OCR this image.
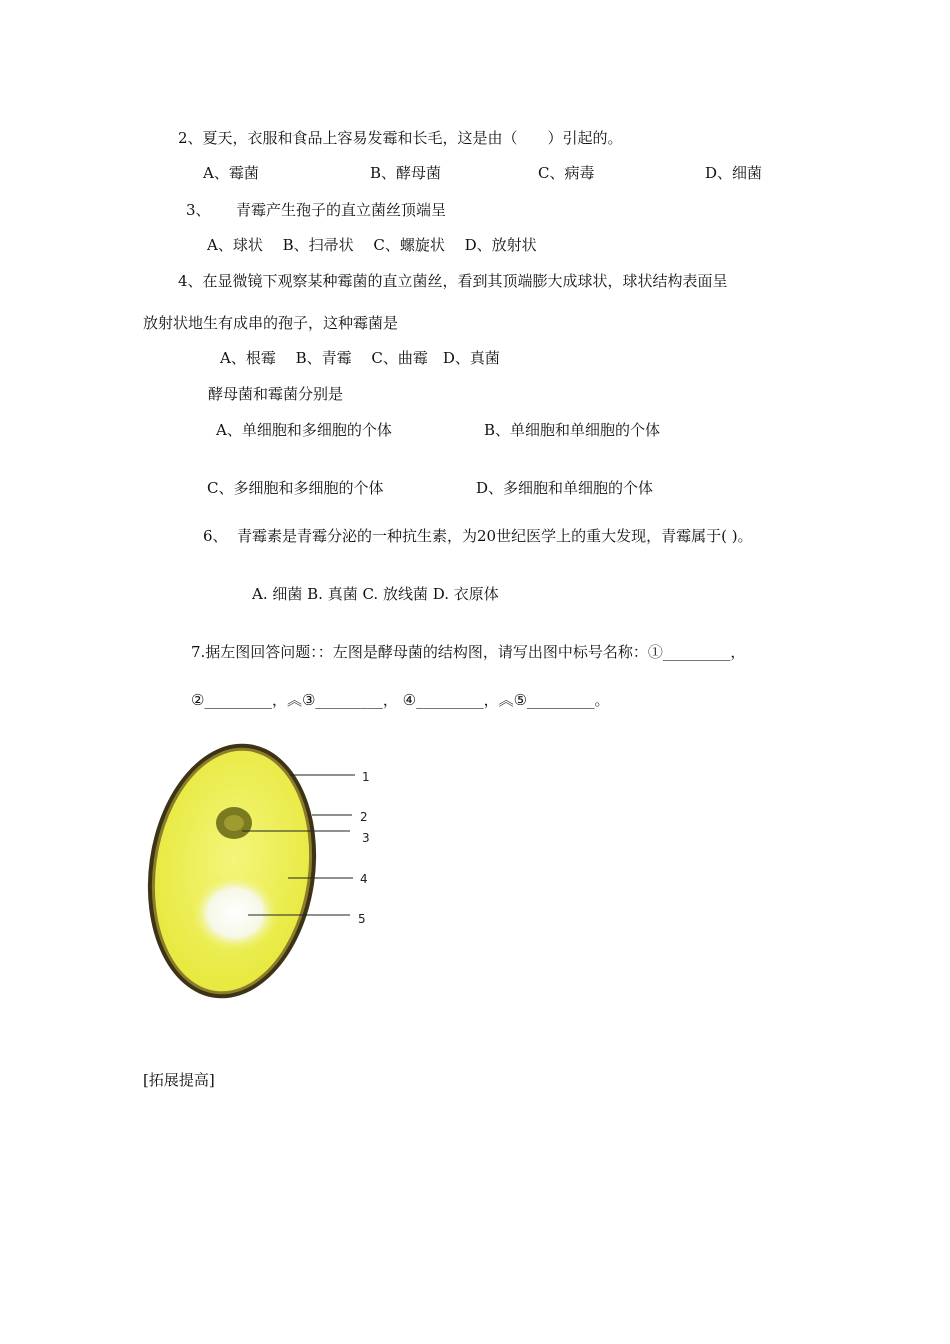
2、夏天，衣服和食品上容易发霉和长毛，这是由（　　）引起的。
A、霉菌	B、酵母菌	C、病毒	D、细菌
3、 青霉产生孢子的直立菌丝顶端呈
A、球状　 B、扫帚状　 C、螺旋状　 D、放射状
4、在显微镜下观察某种霉菌的直立菌丝，看到其顶端膨大成球状，球状结构表面呈
放射状地生有成串的孢子，这种霉菌是
A、根霉　 B、青霉　 C、曲霉　D、真菌
酵母菌和霉菌分别是
A、单细胞和多细胞的个体	B、单细胞和单细胞的个体
C、多细胞和多细胞的个体	D、多细胞和单细胞的个体
6、 青霉素是青霉分泌的一种抗生素，为20世纪医学上的重大发现，青霉属于( )。
A. 细菌 B. 真菌 C. 放线菌 D. 衣原体
7.据左图回答问题：：左图是酵母菌的结构图，请写出图中标号名称：①_________，
②_________，︽③_________， ④_________，︽⑤_________。
1
2
3
4
5
[拓展提高]
